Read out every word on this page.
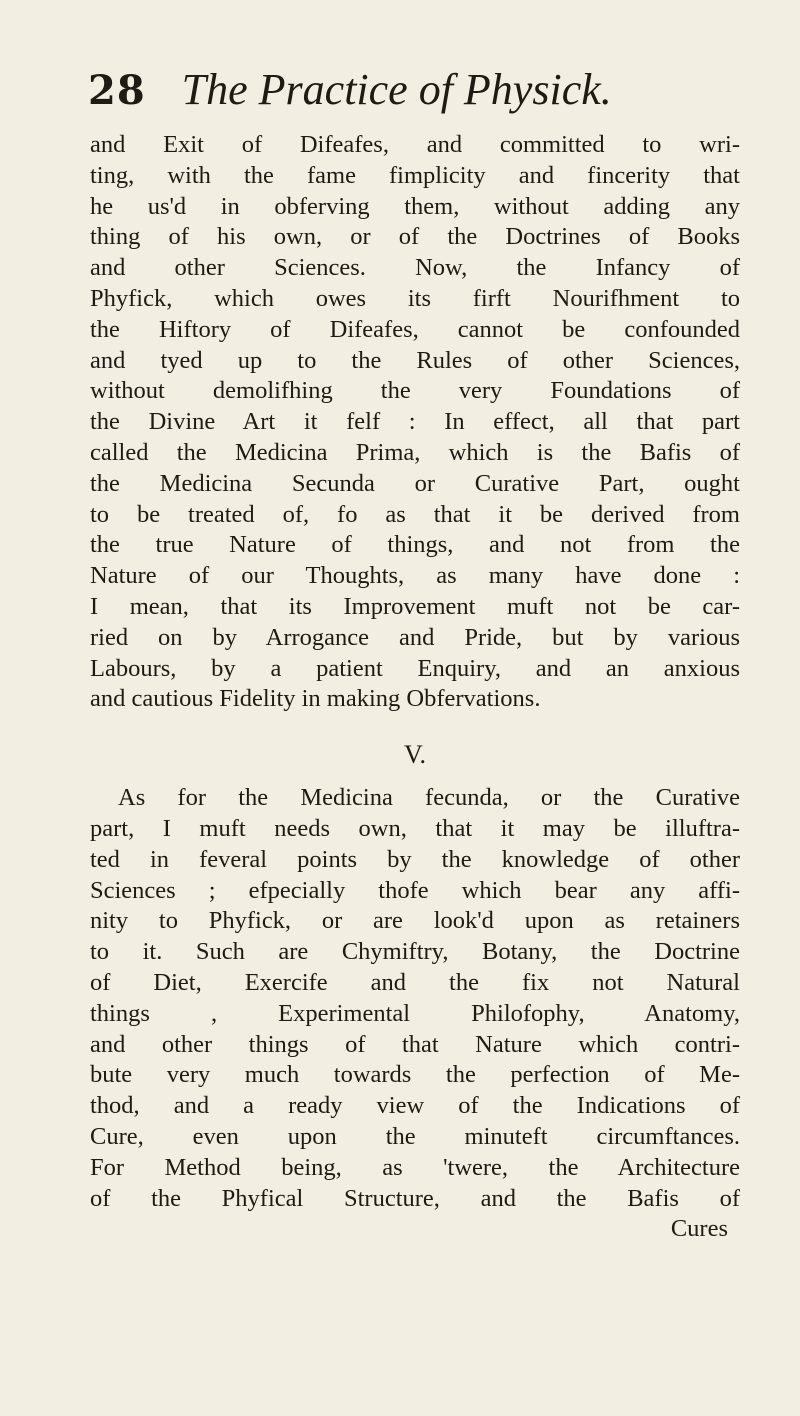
28 The Practice of Physick.
and Exit of Difeafes, and committed to wri-
ting, with the fame fimplicity and fincerity that
he us'd in obferving them, without adding any
thing of his own, or of the Doctrines of Books
and other Sciences. Now, the Infancy of
Phyfick, which owes its firft Nourifhment to
the Hiftory of Difeafes, cannot be confounded
and tyed up to the Rules of other Sciences,
without demolifhing the very Foundations of
the Divine Art it felf : In effect, all that part
called the Medicina Prima, which is the Bafis of
the Medicina Secunda or Curative Part, ought
to be treated of, fo as that it be derived from
the true Nature of things, and not from the
Nature of our Thoughts, as many have done :
I mean, that its Improvement muft not be car-
ried on by Arrogance and Pride, but by various
Labours, by a patient Enquiry, and an anxious
and cautious Fidelity in making Obfervations.
V.
As for the Medicina fecunda, or the Curative
part, I muft needs own, that it may be illuftra-
ted in feveral points by the knowledge of other
Sciences ; efpecially thofe which bear any affi-
nity to Phyfick, or are look'd upon as retainers
to it. Such are Chymiftry, Botany, the Doctrine
of Diet, Exercife and the fix not Natural
things , Experimental Philofophy, Anatomy,
and other things of that Nature which contri-
bute very much towards the perfection of Me-
thod, and a ready view of the Indications of
Cure, even upon the minuteft circumftances.
For Method being, as 'twere, the Architecture
of the Phyfical Structure, and the Bafis of
Cures
